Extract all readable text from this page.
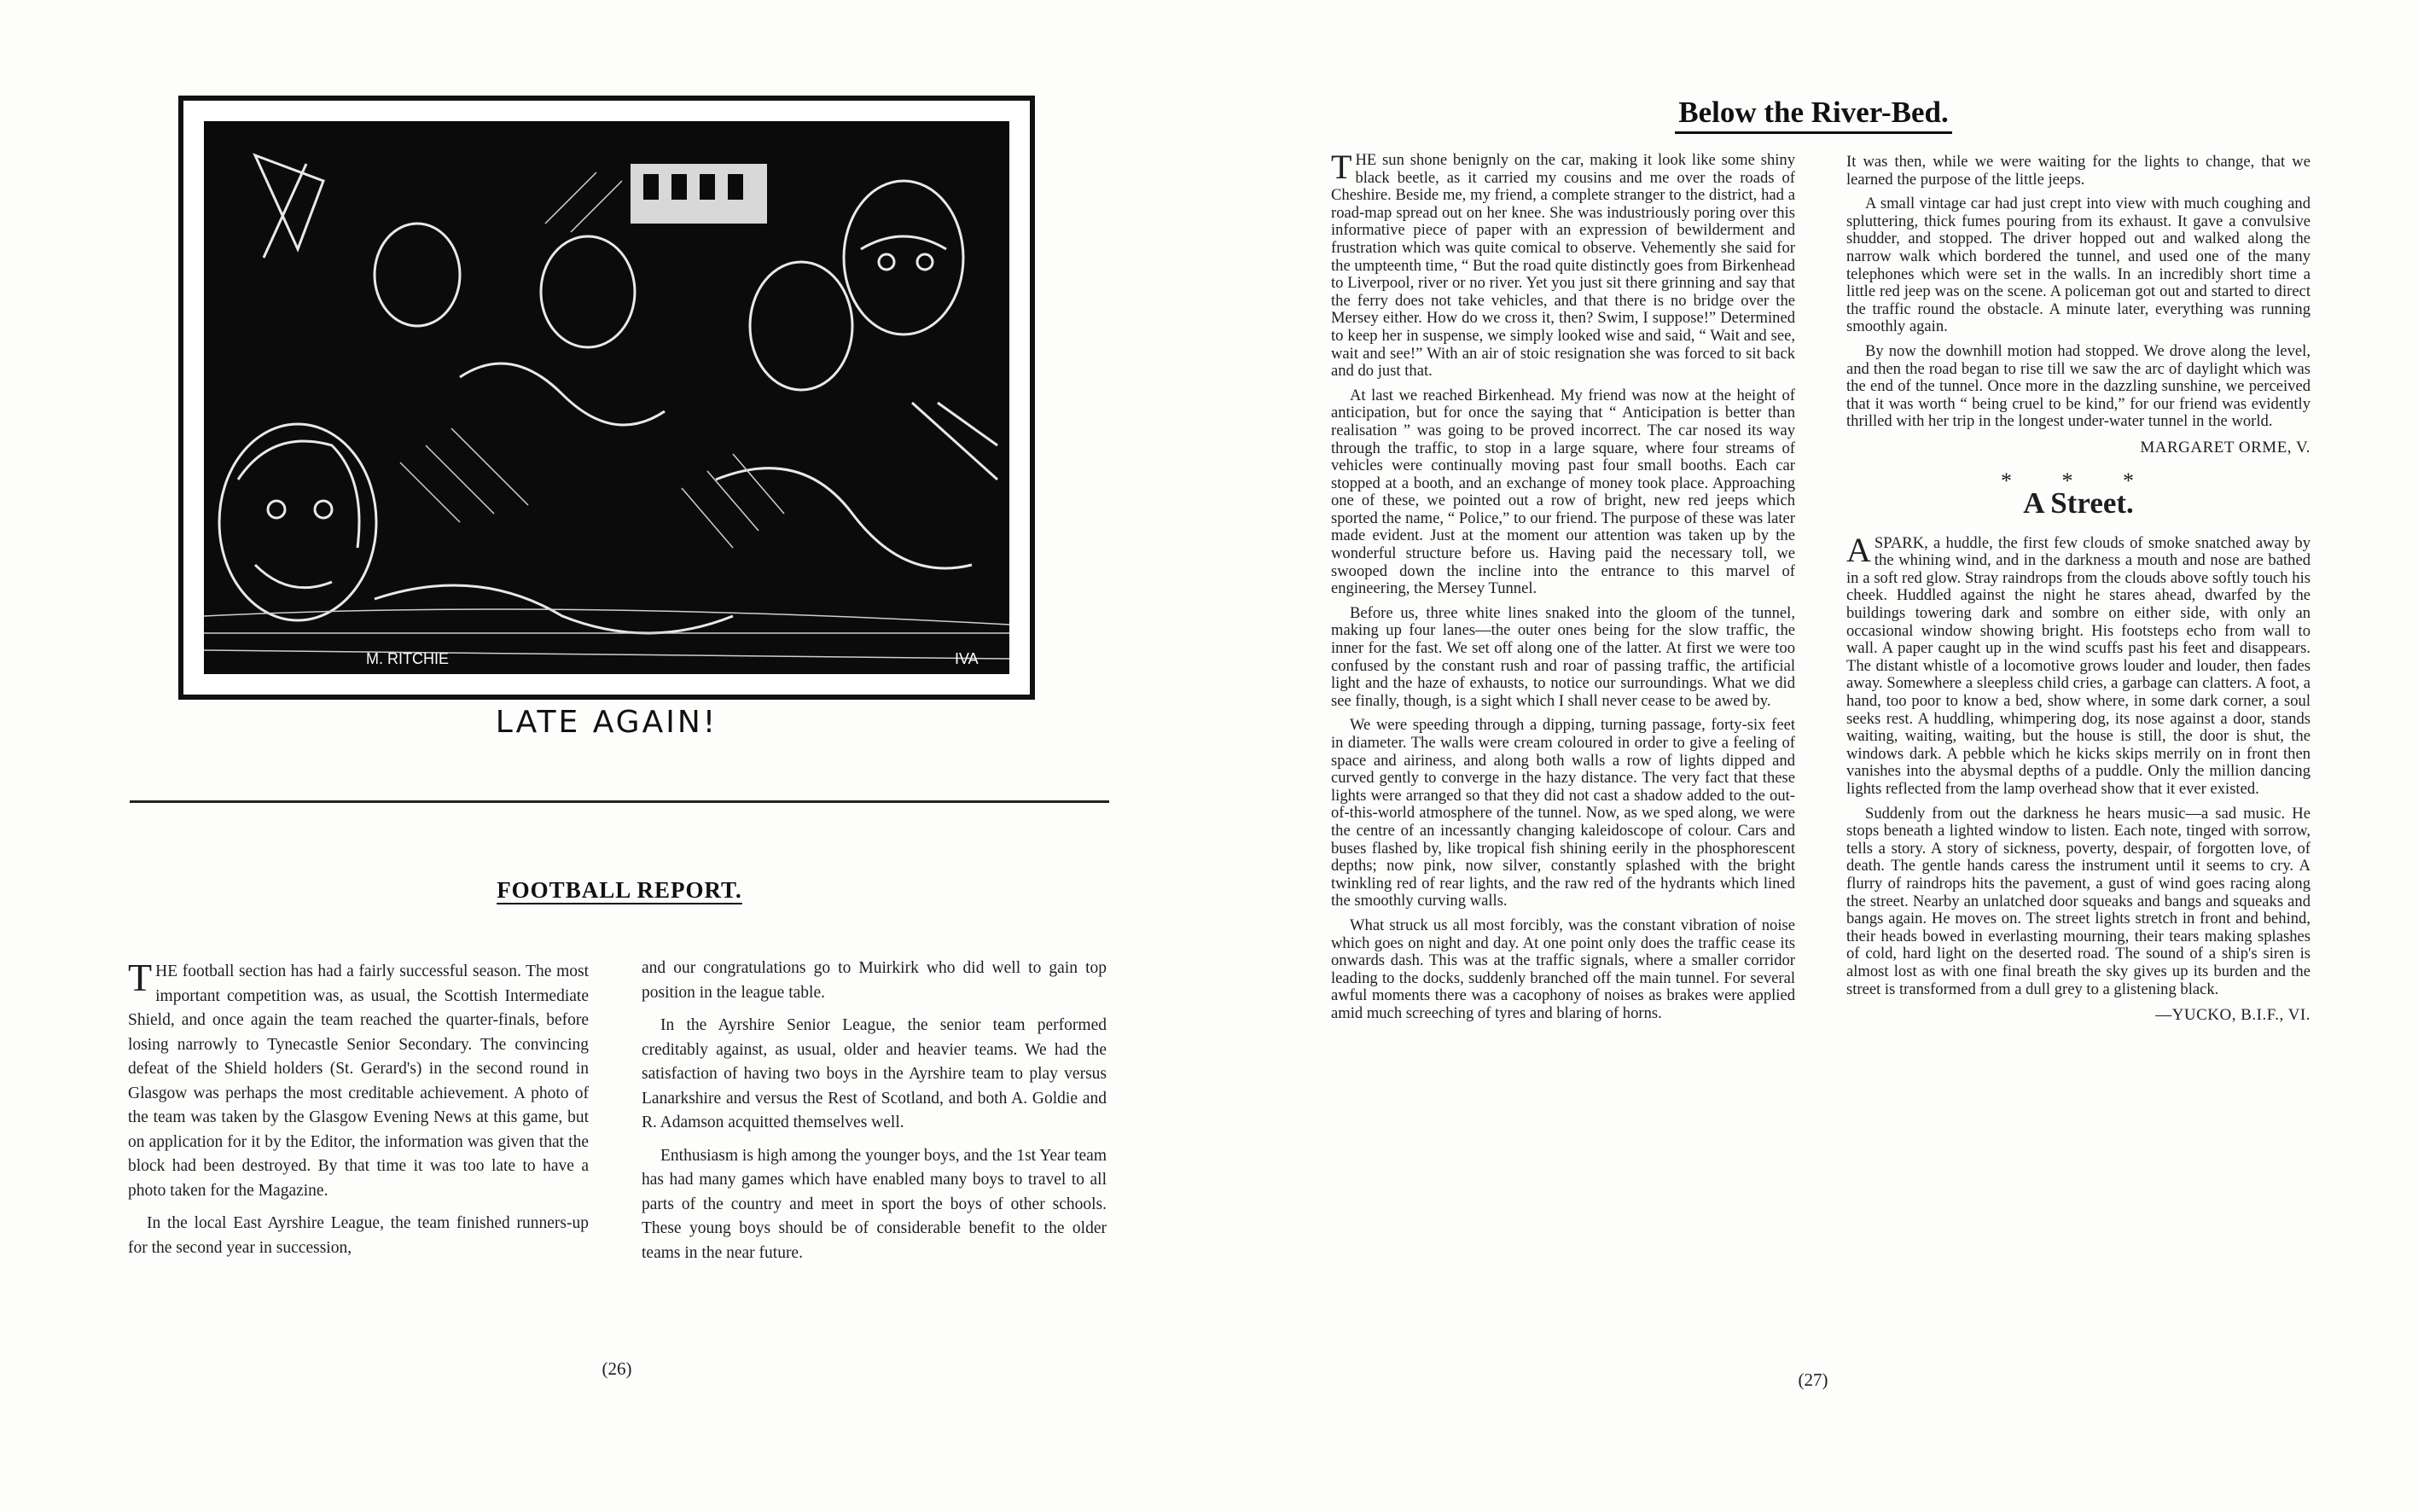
M. RITCHIE	IVA
LATE AGAIN!
FOOTBALL REPORT.

THE football section has had a fairly successful season. The most important competition was, as usual, the Scottish Intermediate Shield, and once again the team reached the quarter-finals, before losing narrowly to Tynecastle Senior Secondary. The convincing defeat of the Shield holders (St. Gerard's) in the second round in Glasgow was perhaps the most creditable achievement. A photo of the team was taken by the Glasgow Evening News at this game, but on application for it by the Editor, the information was given that the block had been destroyed. By that time it was too late to have a photo taken for the Magazine.

In the local East Ayrshire League, the team finished runners-up for the second year in succession,

and our congratulations go to Muirkirk who did well to gain top position in the league table.

In the Ayrshire Senior League, the senior team performed creditably against, as usual, older and heavier teams. We had the satisfaction of having two boys in the Ayrshire team to play versus Lanarkshire and versus the Rest of Scotland, and both A. Goldie and R. Adamson acquitted themselves well.

Enthusiasm is high among the younger boys, and the 1st Year team has had many games which have enabled many boys to travel to all parts of the country and meet in sport the boys of other schools. These young boys should be of considerable benefit to the older teams in the near future.

(26)
Below the River-Bed.

THE sun shone benignly on the car, making it look like some shiny black beetle, as it carried my cousins and me over the roads of Cheshire. Beside me, my friend, a complete stranger to the district, had a road-map spread out on her knee. She was industriously poring over this informative piece of paper with an expression of bewilderment and frustration which was quite comical to observe. Vehemently she said for the umpteenth time, “ But the road quite distinctly goes from Birkenhead to Liverpool, river or no river. Yet you just sit there grinning and say that the ferry does not take vehicles, and that there is no bridge over the Mersey either. How do we cross it, then? Swim, I suppose!” Determined to keep her in suspense, we simply looked wise and said, “ Wait and see, wait and see!” With an air of stoic resignation she was forced to sit back and do just that.

At last we reached Birkenhead. My friend was now at the height of anticipation, but for once the saying that “ Anticipation is better than realisation ” was going to be proved incorrect. The car nosed its way through the traffic, to stop in a large square, where four streams of vehicles were continually moving past four small booths. Each car stopped at a booth, and an exchange of money took place. Approaching one of these, we pointed out a row of bright, new red jeeps which sported the name, “ Police,” to our friend. The purpose of these was later made evident. Just at the moment our attention was taken up by the wonderful structure before us. Having paid the necessary toll, we swooped down the incline into the entrance to this marvel of engineering, the Mersey Tunnel.

Before us, three white lines snaked into the gloom of the tunnel, making up four lanes—the outer ones being for the slow traffic, the inner for the fast. We set off along one of the latter. At first we were too confused by the constant rush and roar of passing traffic, the artificial light and the haze of exhausts, to notice our surroundings. What we did see finally, though, is a sight which I shall never cease to be awed by.

We were speeding through a dipping, turning passage, forty-six feet in diameter. The walls were cream coloured in order to give a feeling of space and airiness, and along both walls a row of lights dipped and curved gently to converge in the hazy distance. The very fact that these lights were arranged so that they did not cast a shadow added to the out-of-this-world atmosphere of the tunnel. Now, as we sped along, we were the centre of an incessantly changing kaleidoscope of colour. Cars and buses flashed by, like tropical fish shining eerily in the phosphorescent depths; now pink, now silver, constantly splashed with the bright twinkling red of rear lights, and the raw red of the hydrants which lined the smoothly curving walls.

What struck us all most forcibly, was the constant vibration of noise which goes on night and day. At one point only does the traffic cease its onwards dash. This was at the traffic signals, where a smaller corridor leading to the docks, suddenly branched off the main tunnel. For several awful moments there was a cacophony of noises as brakes were applied amid much screeching of tyres and blaring of horns.

It was then, while we were waiting for the lights to change, that we learned the purpose of the little jeeps.

A small vintage car had just crept into view with much coughing and spluttering, thick fumes pouring from its exhaust. It gave a convulsive shudder, and stopped. The driver hopped out and walked along the narrow walk which bordered the tunnel, and used one of the many telephones which were set in the walls. In an incredibly short time a little red jeep was on the scene. A policeman got out and started to direct the traffic round the obstacle. A minute later, everything was running smoothly again.

By now the downhill motion had stopped. We drove along the level, and then the road began to rise till we saw the arc of daylight which was the end of the tunnel. Once more in the dazzling sunshine, we perceived that it was worth “ being cruel to be kind,” for our friend was evidently thrilled with her trip in the longest under-water tunnel in the world.

MARGARET ORME, V.
* * *
A Street.

A SPARK, a huddle, the first few clouds of smoke snatched away by the whining wind, and in the darkness a mouth and nose are bathed in a soft red glow. Stray raindrops from the clouds above softly touch his cheek. Huddled against the night he stares ahead, dwarfed by the buildings towering dark and sombre on either side, with only an occasional window showing bright. His footsteps echo from wall to wall. A paper caught up in the wind scuffs past his feet and disappears. The distant whistle of a locomotive grows louder and louder, then fades away. Somewhere a sleepless child cries, a garbage can clatters. A foot, a hand, too poor to know a bed, show where, in some dark corner, a soul seeks rest. A huddling, whimpering dog, its nose against a door, stands waiting, waiting, waiting, but the house is still, the door is shut, the windows dark. A pebble which he kicks skips merrily on in front then vanishes into the abysmal depths of a puddle. Only the million dancing lights reflected from the lamp overhead show that it ever existed.

Suddenly from out the darkness he hears music—a sad music. He stops beneath a lighted window to listen. Each note, tinged with sorrow, tells a story. A story of sickness, poverty, despair, of forgotten love, of death. The gentle hands caress the instrument until it seems to cry. A flurry of raindrops hits the pavement, a gust of wind goes racing along the street. Nearby an unlatched door squeaks and bangs and squeaks and bangs again. He moves on. The street lights stretch in front and behind, their heads bowed in everlasting mourning, their tears making splashes of cold, hard light on the deserted road. The sound of a ship's siren is almost lost as with one final breath the sky gives up its burden and the street is transformed from a dull grey to a glistening black.

—YUCKO, B.I.F., VI.
(27)
